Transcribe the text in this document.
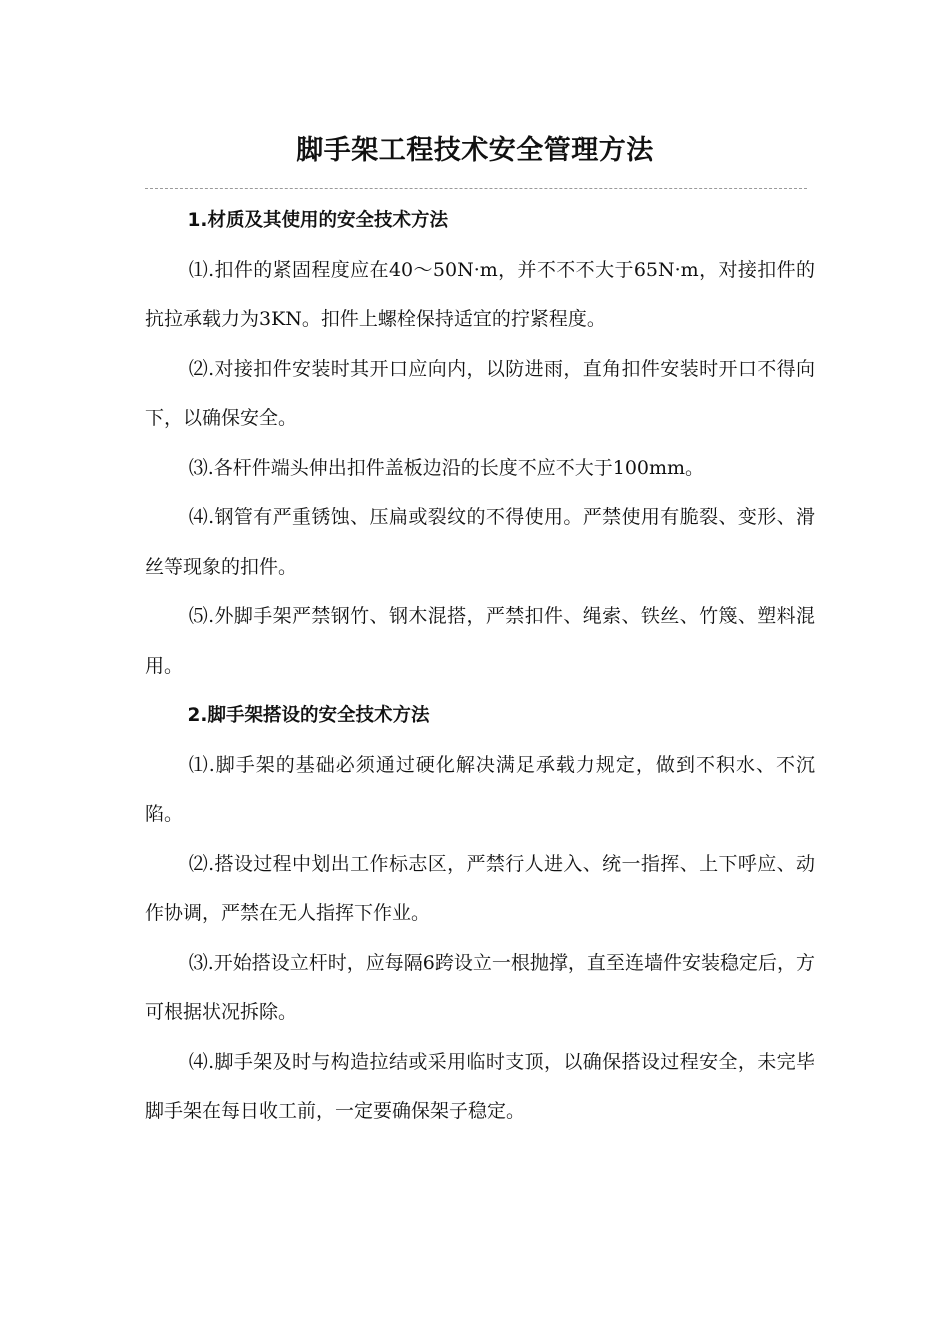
脚手架工程技术安全管理方法

1.材质及其使用的安全技术方法

⑴.扣件的紧固程度应在40～50N·m，并不不不大于65N·m，对接扣件的抗拉承载力为3KN。扣件上螺栓保持适宜的拧紧程度。

⑵.对接扣件安装时其开口应向内，以防进雨，直角扣件安装时开口不得向下，以确保安全。

⑶.各杆件端头伸出扣件盖板边沿的长度不应不大于100mm。

⑷.钢管有严重锈蚀、压扁或裂纹的不得使用。严禁使用有脆裂、变形、滑丝等现象的扣件。

⑸.外脚手架严禁钢竹、钢木混搭，严禁扣件、绳索、铁丝、竹篾、塑料混用。

2.脚手架搭设的安全技术方法

⑴.脚手架的基础必须通过硬化解决满足承载力规定，做到不积水、不沉陷。

⑵.搭设过程中划出工作标志区，严禁行人进入、统一指挥、上下呼应、动作协调，严禁在无人指挥下作业。

⑶.开始搭设立杆时，应每隔6跨设立一根抛撑，直至连墙件安装稳定后，方可根据状况拆除。

⑷.脚手架及时与构造拉结或采用临时支顶，以确保搭设过程安全，未完毕脚手架在每日收工前，一定要确保架子稳定。
